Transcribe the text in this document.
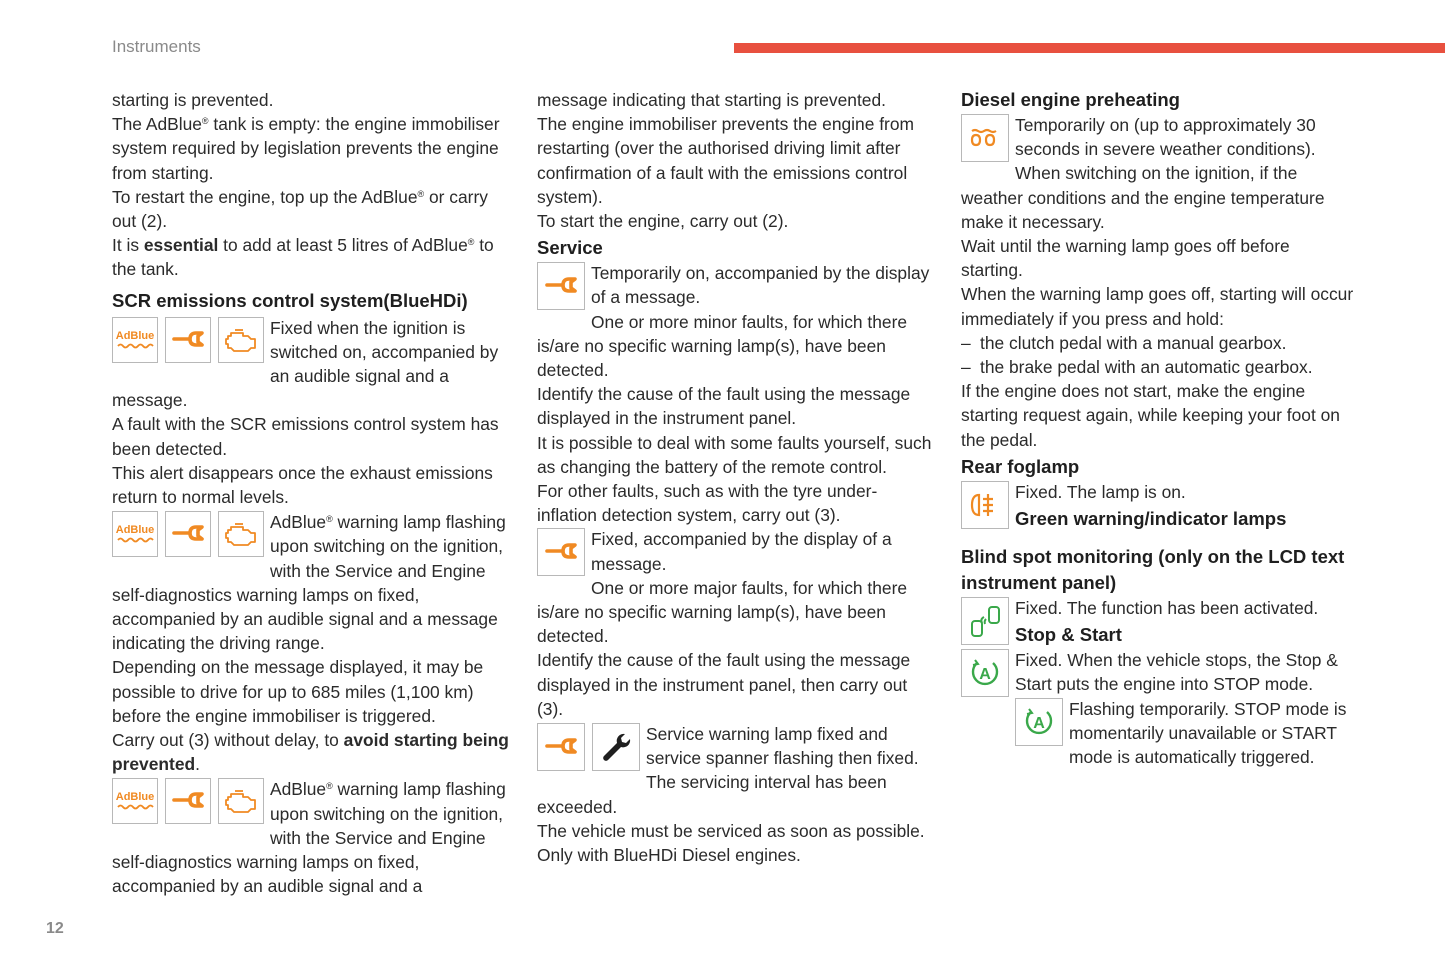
Instruments

starting is prevented.

The AdBlue® tank is empty: the engine immobiliser system required by legislation prevents the engine from starting.

To restart the engine, top up the AdBlue® or carry out (2).

It is essential to add at least 5 litres of AdBlue® to the tank.

SCR emissions control system(BlueHDi)
AdBlue	Fixed when the ignition is switched on, accompanied by an audible signal and a message.

A fault with the SCR emissions control system has been detected.

This alert disappears once the exhaust emissions return to normal levels.

AdBlue	AdBlue® warning lamp flashing upon switching on the ignition, with the Service and Engine self-diagnostics warning lamps on fixed, accompanied by an audible signal and a message indicating the driving range.

Depending on the message displayed, it may be possible to drive for up to 685 miles (1,100 km) before the engine immobiliser is triggered.

Carry out (3) without delay, to avoid starting being prevented.

AdBlue	AdBlue® warning lamp flashing upon switching on the ignition, with the Service and Engine self-diagnostics warning lamps on fixed, accompanied by an audible signal and a

message indicating that starting is prevented.

The engine immobiliser prevents the engine from restarting (over the authorised driving limit after confirmation of a fault with the emissions control system).

To start the engine, carry out (2).

Service

Temporarily on, accompanied by the display of a message.

One or more minor faults, for which there is/are no specific warning lamp(s), have been detected.

Identify the cause of the fault using the message displayed in the instrument panel.

It is possible to deal with some faults yourself, such as changing the battery of the remote control.

For other faults, such as with the tyre under-inflation detection system, carry out (3).

Fixed, accompanied by the display of a message.

One or more major faults, for which there is/are no specific warning lamp(s), have been detected.

Identify the cause of the fault using the message displayed in the instrument panel, then carry out (3).

Service warning lamp fixed and service spanner flashing then fixed.

The servicing interval has been exceeded.

The vehicle must be serviced as soon as possible.

Only with BlueHDi Diesel engines.

Diesel engine preheating

Temporarily on (up to approximately 30 seconds in severe weather conditions).

When switching on the ignition, if the weather conditions and the engine temperature make it necessary.

Wait until the warning lamp goes off before starting.

When the warning lamp goes off, starting will occur immediately if you press and hold:

– the clutch pedal with a manual gearbox.
– the brake pedal with an automatic gearbox.

If the engine does not start, make the engine starting request again, while keeping your foot on the pedal.

Rear foglamp

Fixed. The lamp is on.

Green warning/indicator lamps
Blind spot monitoring (only on the LCD text instrument panel)

Fixed. The function has been activated.

Stop & Start
A

Fixed. When the vehicle stops, the Stop & Start puts the engine into STOP mode.

A

Flashing temporarily. STOP mode is momentarily unavailable or START mode is automatically triggered.

12
